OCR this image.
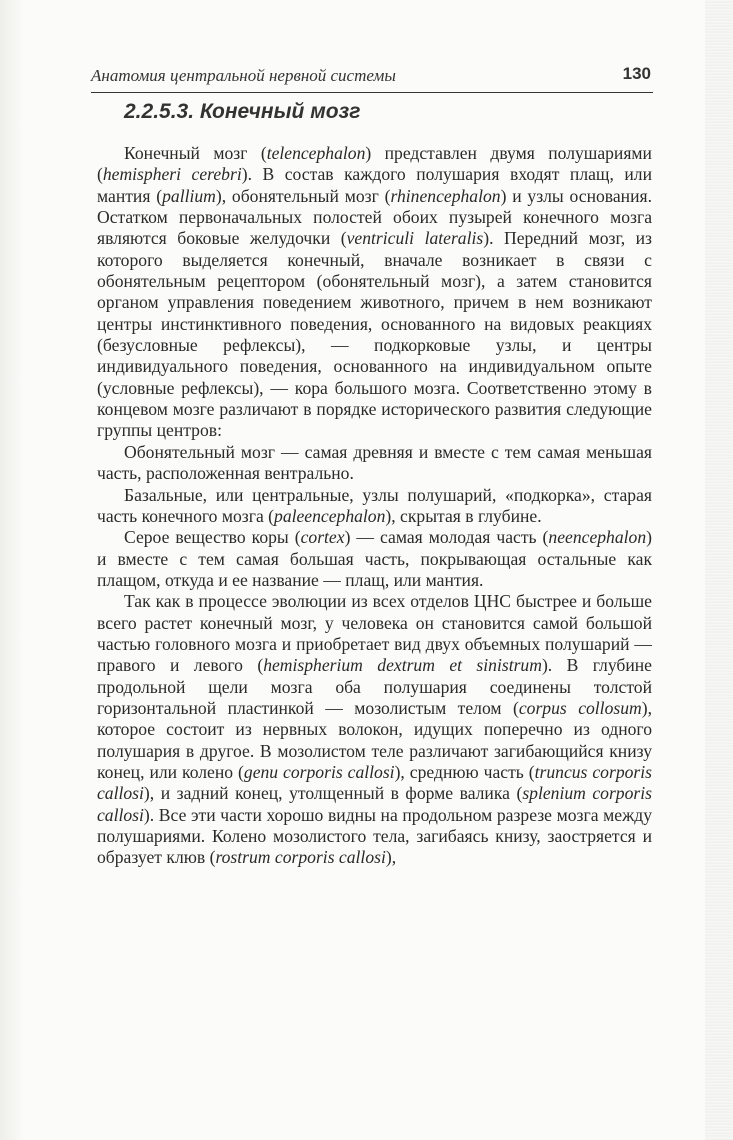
Анатомия центральной нервной системы	130
2.2.5.3. Конечный мозг

Конечный мозг (telencephalon) представлен двумя полушариями (hemispheri cerebri). В состав каждого полушария входят плащ, или мантия (pallium), обонятельный мозг (rhinencephalon) и узлы основания. Остатком первоначальных полостей обоих пузырей конечного мозга являются боковые желудочки (ventriculi lateralis). Передний мозг, из которого выделяется конечный, вначале возникает в связи с обонятельным рецептором (обонятельный мозг), а затем становится органом управления поведением животного, причем в нем возникают центры инстинктивного поведения, основанного на видовых реакциях (безусловные рефлексы), — подкорковые узлы, и центры индивидуального поведения, основанного на индивидуальном опыте (условные рефлексы), — кора большого мозга. Соответственно этому в концевом мозге различают в порядке исторического развития следующие группы центров:

Обонятельный мозг — самая древняя и вместе с тем самая меньшая часть, расположенная вентрально.

Базальные, или центральные, узлы полушарий, «подкорка», старая часть конечного мозга (paleencephalon), скрытая в глубине.

Серое вещество коры (cortex) — самая молодая часть (neencephalon) и вместе с тем самая большая часть, покрывающая остальные как плащом, откуда и ее название — плащ, или мантия.

Так как в процессе эволюции из всех отделов ЦНС быстрее и больше всего растет конечный мозг, у человека он становится самой большой частью головного мозга и приобретает вид двух объемных полушарий — правого и левого (hemispherium dextrum et sinistrum). В глубине продольной щели мозга оба полушария соединены толстой горизонтальной пластинкой — мозолистым телом (corpus collosum), которое состоит из нервных волокон, идущих поперечно из одного полушария в другое. В мозолистом теле различают загибающийся книзу конец, или колено (genu corporis callosi), среднюю часть (truncus corporis callosi), и задний конец, утолщенный в форме валика (splenium corporis callosi). Все эти части хорошо видны на продольном разрезе мозга между полушариями. Колено мозолистого тела, загибаясь книзу, заостряется и образует клюв (rostrum corporis callosi),
